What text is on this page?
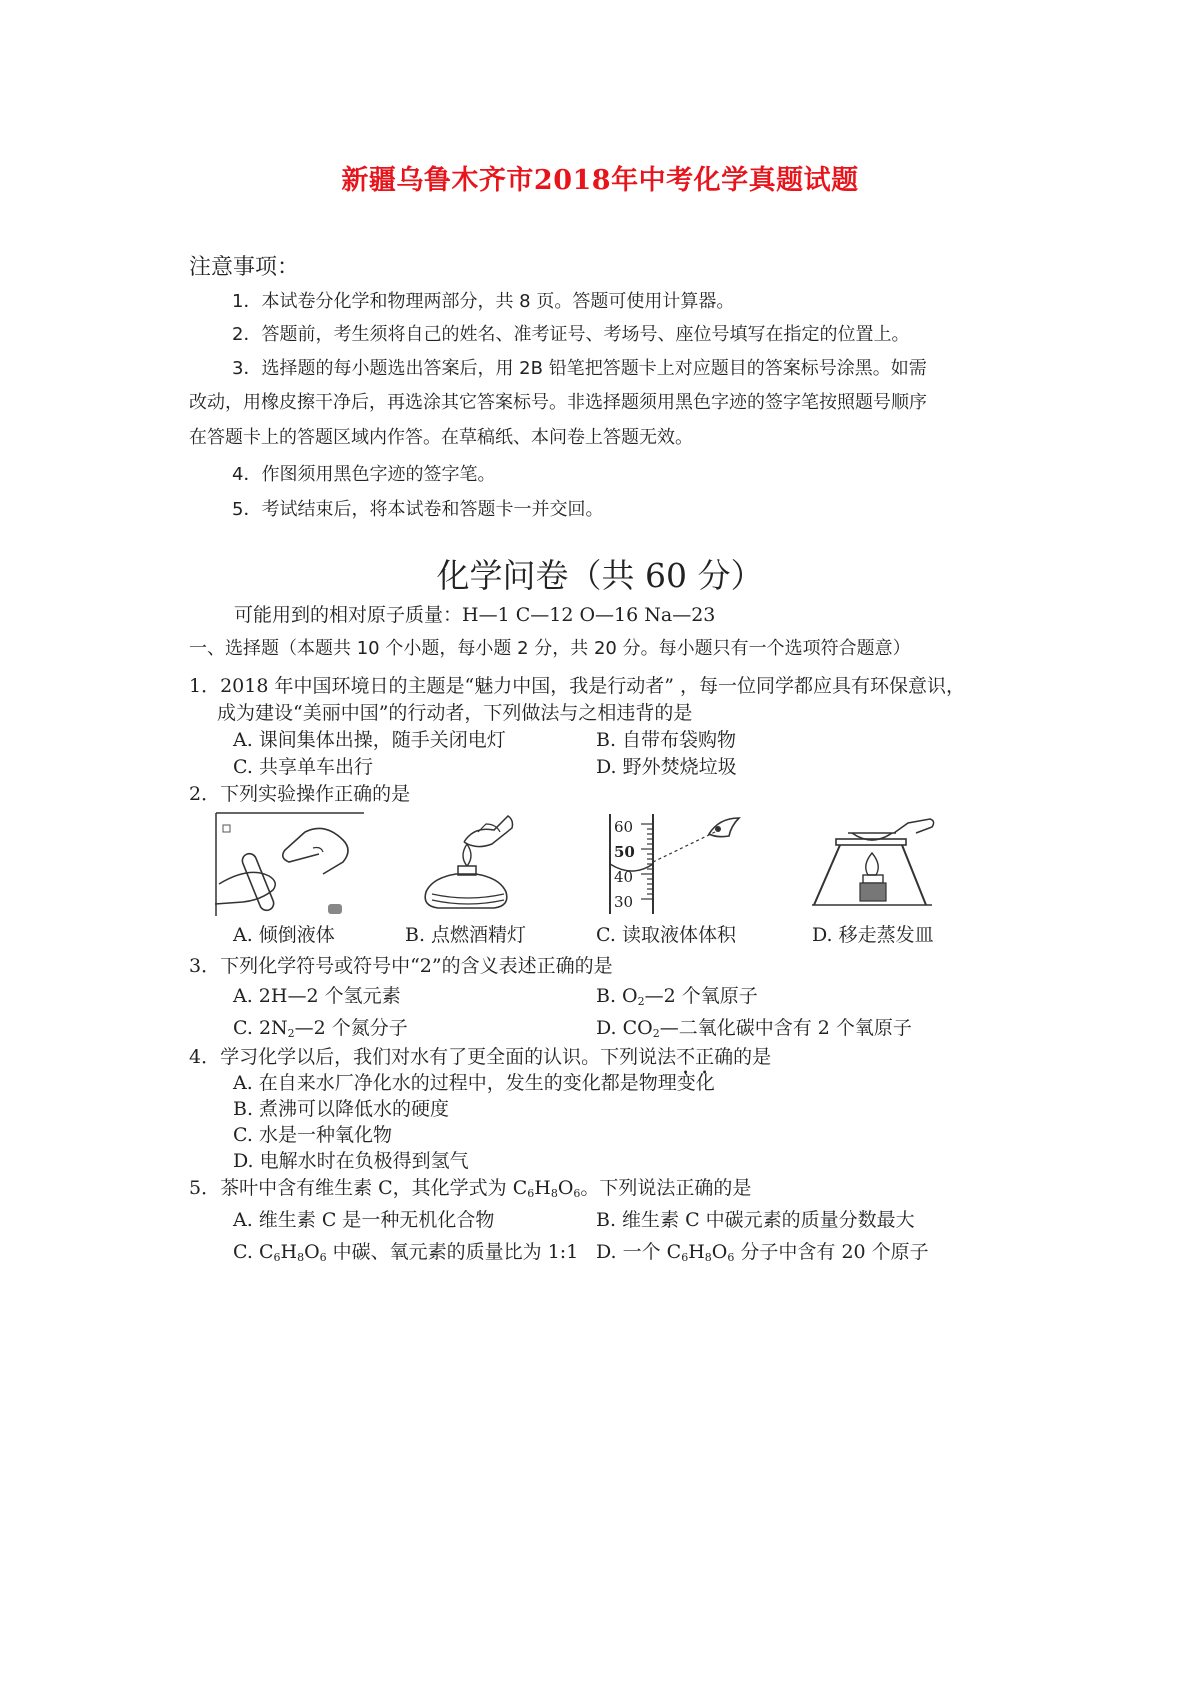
新疆乌鲁木齐市2018年中考化学真题试题
注意事项：
1．本试卷分化学和物理两部分，共 8 页。答题可使用计算器。
2．答题前，考生须将自己的姓名、准考证号、考场号、座位号填写在指定的位置上。
3．选择题的每小题选出答案后，用 2B 铅笔把答题卡上对应题目的答案标号涂黑。如需
改动，用橡皮擦干净后，再选涂其它答案标号。非选择题须用黑色字迹的签字笔按照题号顺序
在答题卡上的答题区域内作答。在草稿纸、本问卷上答题无效。
4．作图须用黑色字迹的签字笔。
5．考试结束后，将本试卷和答题卡一并交回。
化学问卷（共 60 分）
可能用到的相对原子质量：H—1 C—12 O—16 Na—23
一、选择题（本题共 10 个小题，每小题 2 分，共 20 分。每小题只有一个选项符合题意）
1．2018 年中国环境日的主题是“魅力中国，我是行动者” ，每一位同学都应具有环保意识，
成为建设“美丽中国”的行动者，下列做法与之相违背的是
A. 课间集体出操，随手关闭电灯	B. 自带布袋购物
C. 共享单车出行	D. 野外焚烧垃圾
2．下列实验操作正确的是
A. 倾倒液体	B. 点燃酒精灯
60
50
40
30
C. 读取液体体积	D. 移走蒸发皿
3．下列化学符号或符号中“2”的含义表述正确的是
A. 2H—2 个氢元素	B. $O_2—2$ 个氧原子
C. $2N_2—2$ 个氮分子	D. $CO_2—$二氧化碳中含有 2 个氧原子
4．学习化学以后，我们对水有了更全面的认识。下列说法不正确的是
A. 在自来水厂净化水的过程中，发生的变化都是物理变化
B. 煮沸可以降低水的硬度
C. 水是一种氧化物
D. 电解水时在负极得到氢气
5．茶叶中含有维生素 C，其化学式为 $C_6H_8O_6$。下列说法正确的是
A. 维生素 C 是一种无机化合物	B. 维生素 C 中碳元素的质量分数最大
C. $C_6H_8O_6$ 中碳、氧元素的质量比为 1:1 D. 一个 $C_6H_8O_6$ 分子中含有 20 个原子
